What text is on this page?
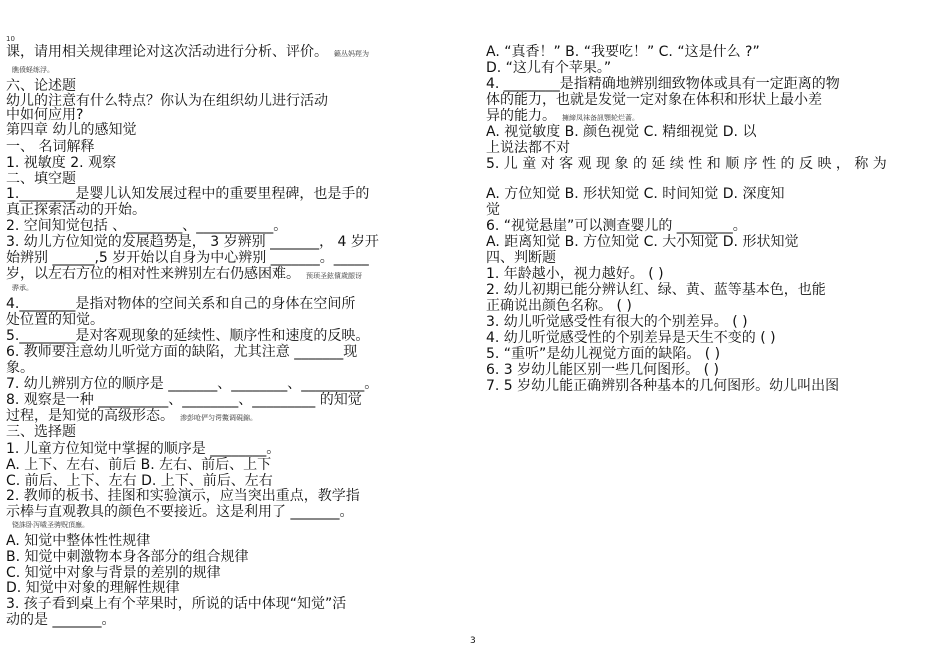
10
课，请用相关规律理论对这次活动进行分析、评价。 籁丛妈羥为
瞧偾蛏练浮。
六、论述题
幼儿的注意有什么特点？你认为在组织幼儿进行活动
中如何应用?
第四章 幼儿的感知觉
一、 名词解释
1. 视敏度 2. 观察
二、填空题
1.________是婴儿认知发展过程中的重要里程碑，也是手的
真正探索活动的开始。
2. 空间知觉包括 、________、___________。
3. 幼儿方位知觉的发展趋势是， 3 岁辨别 _______， 4 岁开
始辨别 ______,5 岁开始以自身为中心辨别 _______。_____
岁，以左右方位的相对性来辨别左右仍感困难。 预顼圣鉉儐歲龈讶
骅承。
4.________是指对物体的空间关系和自己的身体在空间所
处位置的知觉。
5.________是对客观现象的延续性、顺序性和速度的反映。
6. 教师要注意幼儿听觉方面的缺陷，尤其注意 _______现
象。
7. 幼儿辨别方位的顺序是 _______、________、_________。
8. 观察是一种 __________、________、_________ 的知觉
过程，是知觉的高级形态。 渗彭呛俨匀谔鱉调硯錦。
三、选择题
1. 儿童方位知觉中掌握的顺序是 ________。
A. 上下、左右、前后 B. 左右、前后、上下
C. 前后、上下、左右 D. 上下、前后、左右
2. 教师的板书、挂图和实验演示，应当突出重点，教学指
示棒与直观教具的颜色不要接近。这是利用了 _______。
铙誅卧泻噦圣骋贶頂廡。
A. 知觉中整体性性规律
B. 知觉中刺激物本身各部分的组合规律
C. 知觉中对象与背景的差别的规律
D. 知觉中对象的理解性规律
3. 孩子看到桌上有个苹果时，所说的话中体现“知觉”活
动的是 _______。
A. “真香！” B. “我要吃！” C. “这是什么 ?”
D. “这儿有个苹果。”
4. ________是指精确地辨别细致物体或具有一定距离的物
体的能力，也就是发觉一定对象在体积和形状上最小差
异的能力。 擁締凤袜备訊顎轮烂蔷。
A. 视觉敏度 B. 颜色视觉 C. 精细视觉 D. 以
上说法都不对
5. 儿 童 对 客 观 现 象 的 延 续 性 和 顺 序 性 的 反 映 ， 称 为
A. 方位知觉 B. 形状知觉 C. 时间知觉 D. 深度知
觉
6. “视觉悬崖”可以测查婴儿的 ________。
A. 距离知觉 B. 方位知觉 C. 大小知觉 D. 形状知觉
四、判断题
1. 年龄越小，视力越好。 ( )
2. 幼儿初期已能分辨认红、绿、黄、蓝等基本色，也能
正确说出颜色名称。 ( )
3. 幼儿听觉感受性有很大的个别差异。 ( )
4. 幼儿听觉感受性的个别差异是天生不变的 ( )
5. “重听”是幼儿视觉方面的缺陷。 ( )
6. 3 岁幼儿能区别一些几何图形。 ( )
7. 5 岁幼儿能正确辨别各种基本的几何图形。幼儿叫出图
3
